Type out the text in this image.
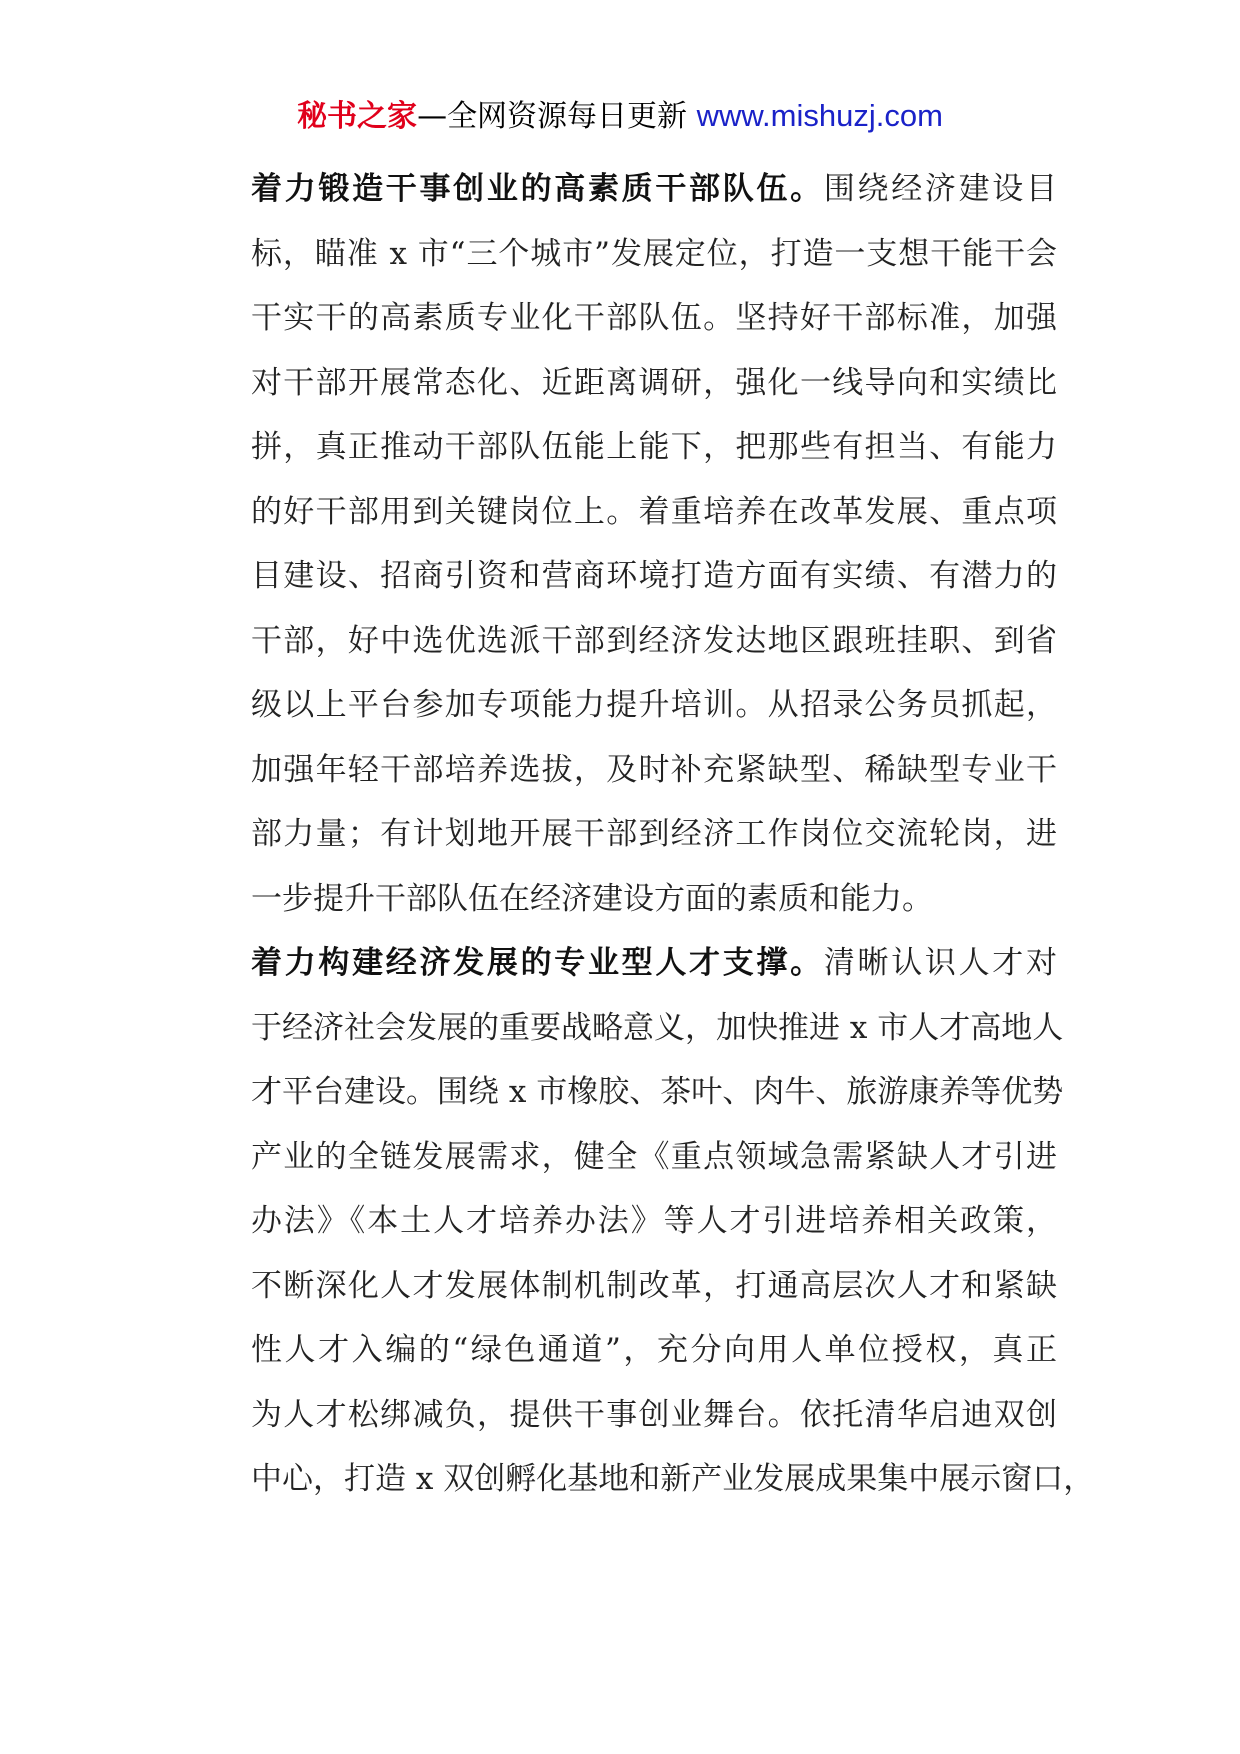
秘书之家—全网资源每日更新 www.mishuzj.com
着力锻造干事创业的高素质干部队伍。围绕经济建设目
标，瞄准 x 市“三个城市”发展定位，打造一支想干能干会
干实干的高素质专业化干部队伍。坚持好干部标准，加强
对干部开展常态化、近距离调研，强化一线导向和实绩比
拼，真正推动干部队伍能上能下，把那些有担当、有能力
的好干部用到关键岗位上。着重培养在改革发展、重点项
目建设、招商引资和营商环境打造方面有实绩、有潜力的
干部，好中选优选派干部到经济发达地区跟班挂职、到省
级以上平台参加专项能力提升培训。从招录公务员抓起，
加强年轻干部培养选拔，及时补充紧缺型、稀缺型专业干
部力量；有计划地开展干部到经济工作岗位交流轮岗，进
一步提升干部队伍在经济建设方面的素质和能力。
着力构建经济发展的专业型人才支撑。清晰认识人才对
于经济社会发展的重要战略意义，加快推进 x 市人才高地人
才平台建设。围绕 x 市橡胶、茶叶、肉牛、旅游康养等优势
产业的全链发展需求，健全《重点领域急需紧缺人才引进
办法》《本土人才培养办法》等人才引进培养相关政策，
不断深化人才发展体制机制改革，打通高层次人才和紧缺
性人才入编的“绿色通道”，充分向用人单位授权，真正
为人才松绑减负，提供干事创业舞台。依托清华启迪双创
中心，打造 x 双创孵化基地和新产业发展成果集中展示窗口，
